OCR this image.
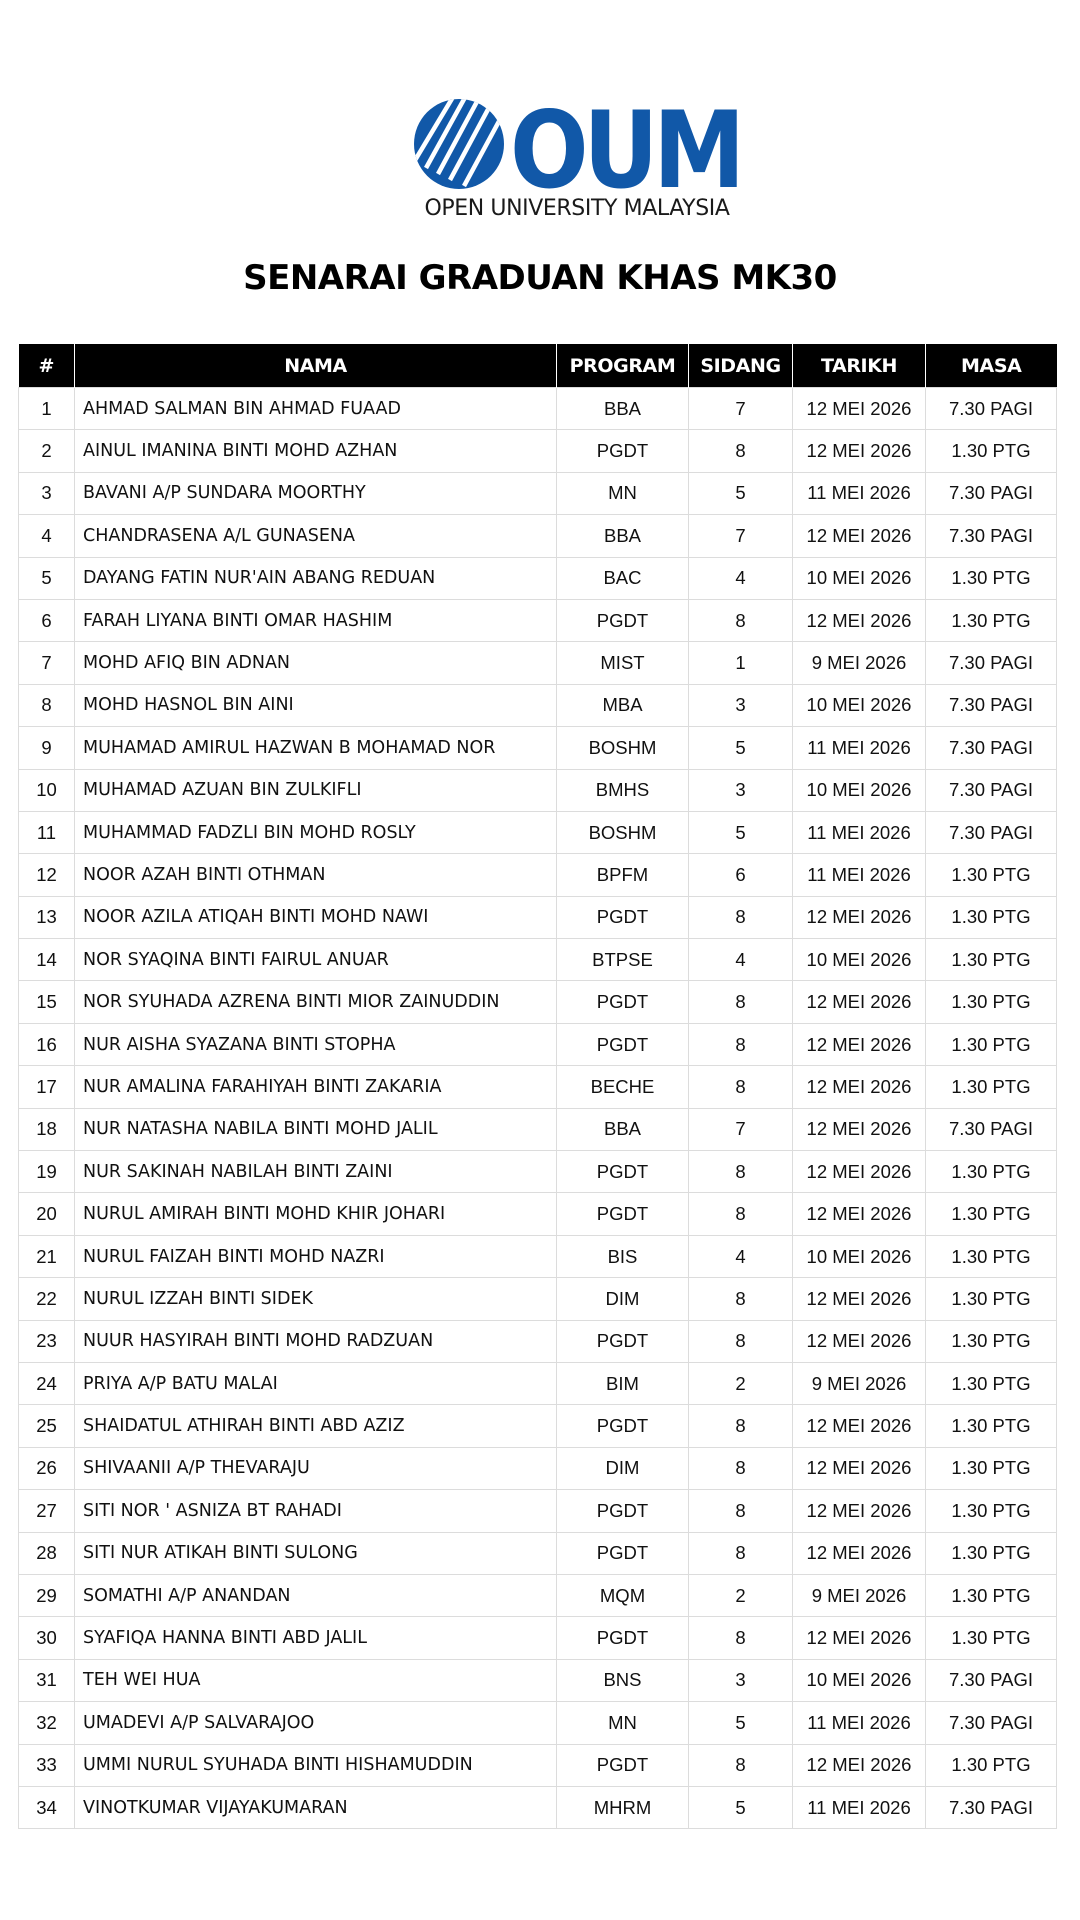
OUM
OPEN UNIVERSITY MALAYSIA
SENARAI GRADUAN KHAS MK30
#	NAMA	PROGRAM	SIDANG	TARIKH	MASA
1	AHMAD SALMAN BIN AHMAD FUAAD	BBA	7	12 MEI 2026	7.30 PAGI
2	AINUL IMANINA BINTI MOHD AZHAN	PGDT	8	12 MEI 2026	1.30 PTG
3	BAVANI A/P SUNDARA MOORTHY	MN	5	11 MEI 2026	7.30 PAGI
4	CHANDRASENA A/L GUNASENA	BBA	7	12 MEI 2026	7.30 PAGI
5	DAYANG FATIN NUR'AIN ABANG REDUAN	BAC	4	10 MEI 2026	1.30 PTG
6	FARAH LIYANA BINTI OMAR HASHIM	PGDT	8	12 MEI 2026	1.30 PTG
7	MOHD AFIQ BIN ADNAN	MIST	1	9 MEI 2026	7.30 PAGI
8	MOHD HASNOL BIN AINI	MBA	3	10 MEI 2026	7.30 PAGI
9	MUHAMAD AMIRUL HAZWAN B MOHAMAD NOR	BOSHM	5	11 MEI 2026	7.30 PAGI
10	MUHAMAD AZUAN BIN ZULKIFLI	BMHS	3	10 MEI 2026	7.30 PAGI
11	MUHAMMAD FADZLI BIN MOHD ROSLY	BOSHM	5	11 MEI 2026	7.30 PAGI
12	NOOR AZAH BINTI OTHMAN	BPFM	6	11 MEI 2026	1.30 PTG
13	NOOR AZILA ATIQAH BINTI MOHD NAWI	PGDT	8	12 MEI 2026	1.30 PTG
14	NOR SYAQINA BINTI FAIRUL ANUAR	BTPSE	4	10 MEI 2026	1.30 PTG
15	NOR SYUHADA AZRENA BINTI MIOR ZAINUDDIN	PGDT	8	12 MEI 2026	1.30 PTG
16	NUR AISHA SYAZANA BINTI STOPHA	PGDT	8	12 MEI 2026	1.30 PTG
17	NUR AMALINA FARAHIYAH BINTI ZAKARIA	BECHE	8	12 MEI 2026	1.30 PTG
18	NUR NATASHA NABILA BINTI MOHD JALIL	BBA	7	12 MEI 2026	7.30 PAGI
19	NUR SAKINAH NABILAH BINTI ZAINI	PGDT	8	12 MEI 2026	1.30 PTG
20	NURUL AMIRAH BINTI MOHD KHIR JOHARI	PGDT	8	12 MEI 2026	1.30 PTG
21	NURUL FAIZAH BINTI MOHD NAZRI	BIS	4	10 MEI 2026	1.30 PTG
22	NURUL IZZAH BINTI SIDEK	DIM	8	12 MEI 2026	1.30 PTG
23	NUUR HASYIRAH BINTI MOHD RADZUAN	PGDT	8	12 MEI 2026	1.30 PTG
24	PRIYA A/P BATU MALAI	BIM	2	9 MEI 2026	1.30 PTG
25	SHAIDATUL ATHIRAH BINTI ABD AZIZ	PGDT	8	12 MEI 2026	1.30 PTG
26	SHIVAANII A/P THEVARAJU	DIM	8	12 MEI 2026	1.30 PTG
27	SITI NOR ' ASNIZA BT RAHADI	PGDT	8	12 MEI 2026	1.30 PTG
28	SITI NUR ATIKAH BINTI SULONG	PGDT	8	12 MEI 2026	1.30 PTG
29	SOMATHI A/P ANANDAN	MQM	2	9 MEI 2026	1.30 PTG
30	SYAFIQA HANNA BINTI ABD JALIL	PGDT	8	12 MEI 2026	1.30 PTG
31	TEH WEI HUA	BNS	3	10 MEI 2026	7.30 PAGI
32	UMADEVI A/P SALVARAJOO	MN	5	11 MEI 2026	7.30 PAGI
33	UMMI NURUL SYUHADA BINTI HISHAMUDDIN	PGDT	8	12 MEI 2026	1.30 PTG
34	VINOTKUMAR VIJAYAKUMARAN	MHRM	5	11 MEI 2026	7.30 PAGI
